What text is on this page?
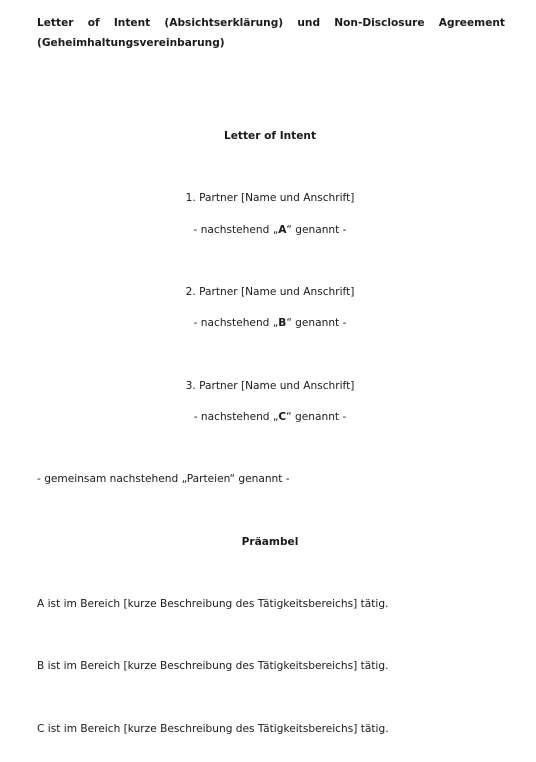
Letter of Intent (Absichtserklärung) und Non-Disclosure Agreement
(Geheimhaltungsvereinbarung)
Letter of Intent
1. Partner [Name und Anschrift]
- nachstehend „A“ genannt -
2. Partner [Name und Anschrift]
- nachstehend „B“ genannt -
3. Partner [Name und Anschrift]
- nachstehend „C“ genannt -
- gemeinsam nachstehend „Parteien“ genannt -
Präambel
A ist im Bereich [kurze Beschreibung des Tätigkeitsbereichs] tätig.
B ist im Bereich [kurze Beschreibung des Tätigkeitsbereichs] tätig.
C ist im Bereich [kurze Beschreibung des Tätigkeitsbereichs] tätig.
